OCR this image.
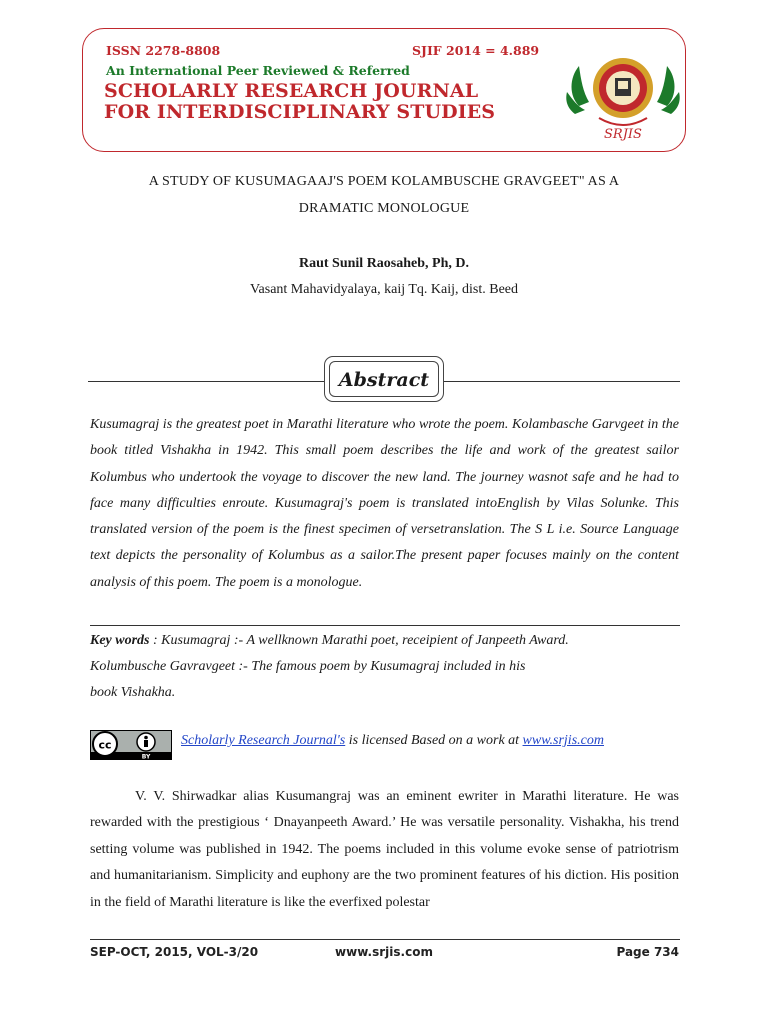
ISSN 2278-8808	SJIF 2014 = 4.889
An International Peer Reviewed & Referred
SCHOLARLY RESEARCH JOURNAL
FOR INTERDISCIPLINARY STUDIES
SRJIS
A STUDY OF KUSUMAGAAJ'S POEM KOLAMBUSCHE GRAVGEET" AS A
DRAMATIC MONOLOGUE
Raut Sunil Raosaheb, Ph, D.
Vasant Mahavidyalaya, kaij Tq. Kaij, dist. Beed
Abstract
Kusumagraj is the greatest poet in Marathi literature who wrote the poem. Kolambasche Garvgeet in the book titled Vishakha in 1942. This small poem describes the life and work of the greatest sailor Kolumbus who undertook the voyage to discover the new land. The journey wasnot safe and he had to face many difficulties enroute. Kusumagraj's poem is translated intoEnglish by Vilas Solunke. This translated version of the poem is the finest specimen of versetranslation. The S L i.e. Source Language text depicts the personality of Kolumbus as a sailor.The present paper focuses mainly on the content analysis of this poem. The poem is a monologue.
Key words : Kusumagraj :- A wellknown Marathi poet, receipient of Janpeeth Award.
Kolumbusche Gavravgeet :- The famous poem by Kusumagraj included in his
book Vishakha.
cc
BY
Scholarly Research Journal's is licensed Based on a work at www.srjis.com
V. V. Shirwadkar alias Kusumangraj was an eminent ewriter in Marathi literature. He was rewarded with the prestigious ‘ Dnayanpeeth Award.’ He was versatile personality. Vishakha, his trend setting volume was published in 1942. The poems included in this volume evoke sense of patriotrism and humanitarianism. Simplicity and euphony are the two prominent features of his diction. His position in the field of Marathi literature is like the everfixed polestar
SEP-OCT, 2015, VOL-3/20	www.srjis.com	Page 734
